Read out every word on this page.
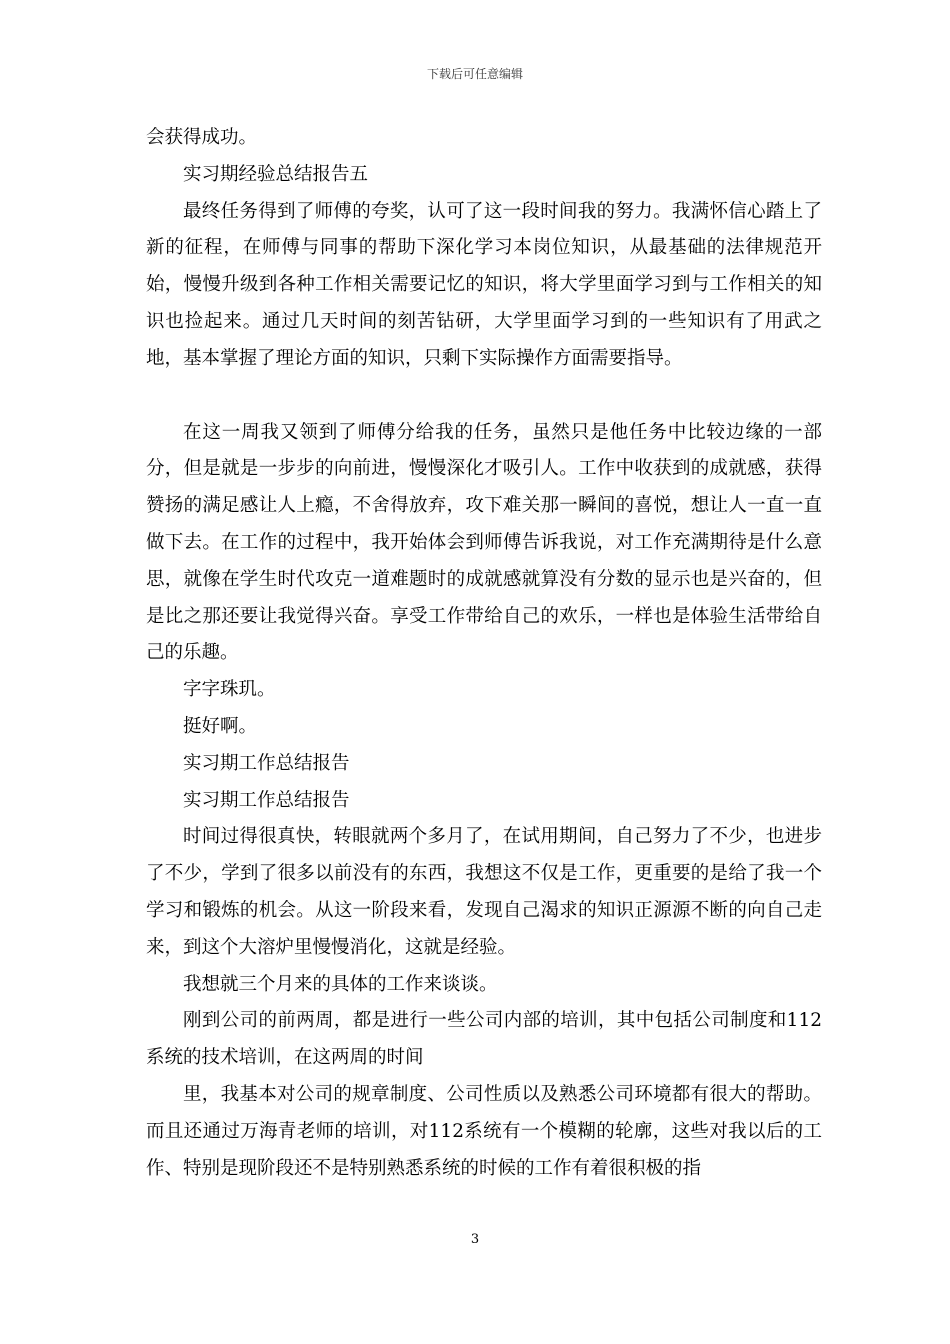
下载后可任意编辑

会获得成功。

实习期经验总结报告五

最终任务得到了师傅的夸奖，认可了这一段时间我的努力。我满怀信心踏上了新的征程，在师傅与同事的帮助下深化学习本岗位知识，从最基础的法律规范开始，慢慢升级到各种工作相关需要记忆的知识，将大学里面学习到与工作相关的知识也捡起来。通过几天时间的刻苦钻研，大学里面学习到的一些知识有了用武之地，基本掌握了理论方面的知识，只剩下实际操作方面需要指导。

在这一周我又领到了师傅分给我的任务，虽然只是他任务中比较边缘的一部分，但是就是一步步的向前进，慢慢深化才吸引人。工作中收获到的成就感，获得赞扬的满足感让人上瘾，不舍得放弃，攻下难关那一瞬间的喜悦，想让人一直一直做下去。在工作的过程中，我开始体会到师傅告诉我说，对工作充满期待是什么意思，就像在学生时代攻克一道难题时的成就感就算没有分数的显示也是兴奋的，但是比之那还要让我觉得兴奋。享受工作带给自己的欢乐，一样也是体验生活带给自己的乐趣。

字字珠玑。

挺好啊。

实习期工作总结报告

实习期工作总结报告

时间过得很真快，转眼就两个多月了，在试用期间，自己努力了不少，也进步了不少，学到了很多以前没有的东西，我想这不仅是工作，更重要的是给了我一个学习和锻炼的机会。从这一阶段来看，发现自己渴求的知识正源源不断的向自己走来，到这个大溶炉里慢慢消化，这就是经验。

我想就三个月来的具体的工作来谈谈。

刚到公司的前两周，都是进行一些公司内部的培训，其中包括公司制度和112系统的技术培训，在这两周的时间

里，我基本对公司的规章制度、公司性质以及熟悉公司环境都有很大的帮助。而且还通过万海青老师的培训，对112系统有一个模糊的轮廓，这些对我以后的工作、特别是现阶段还不是特别熟悉系统的时候的工作有着很积极的指

3
